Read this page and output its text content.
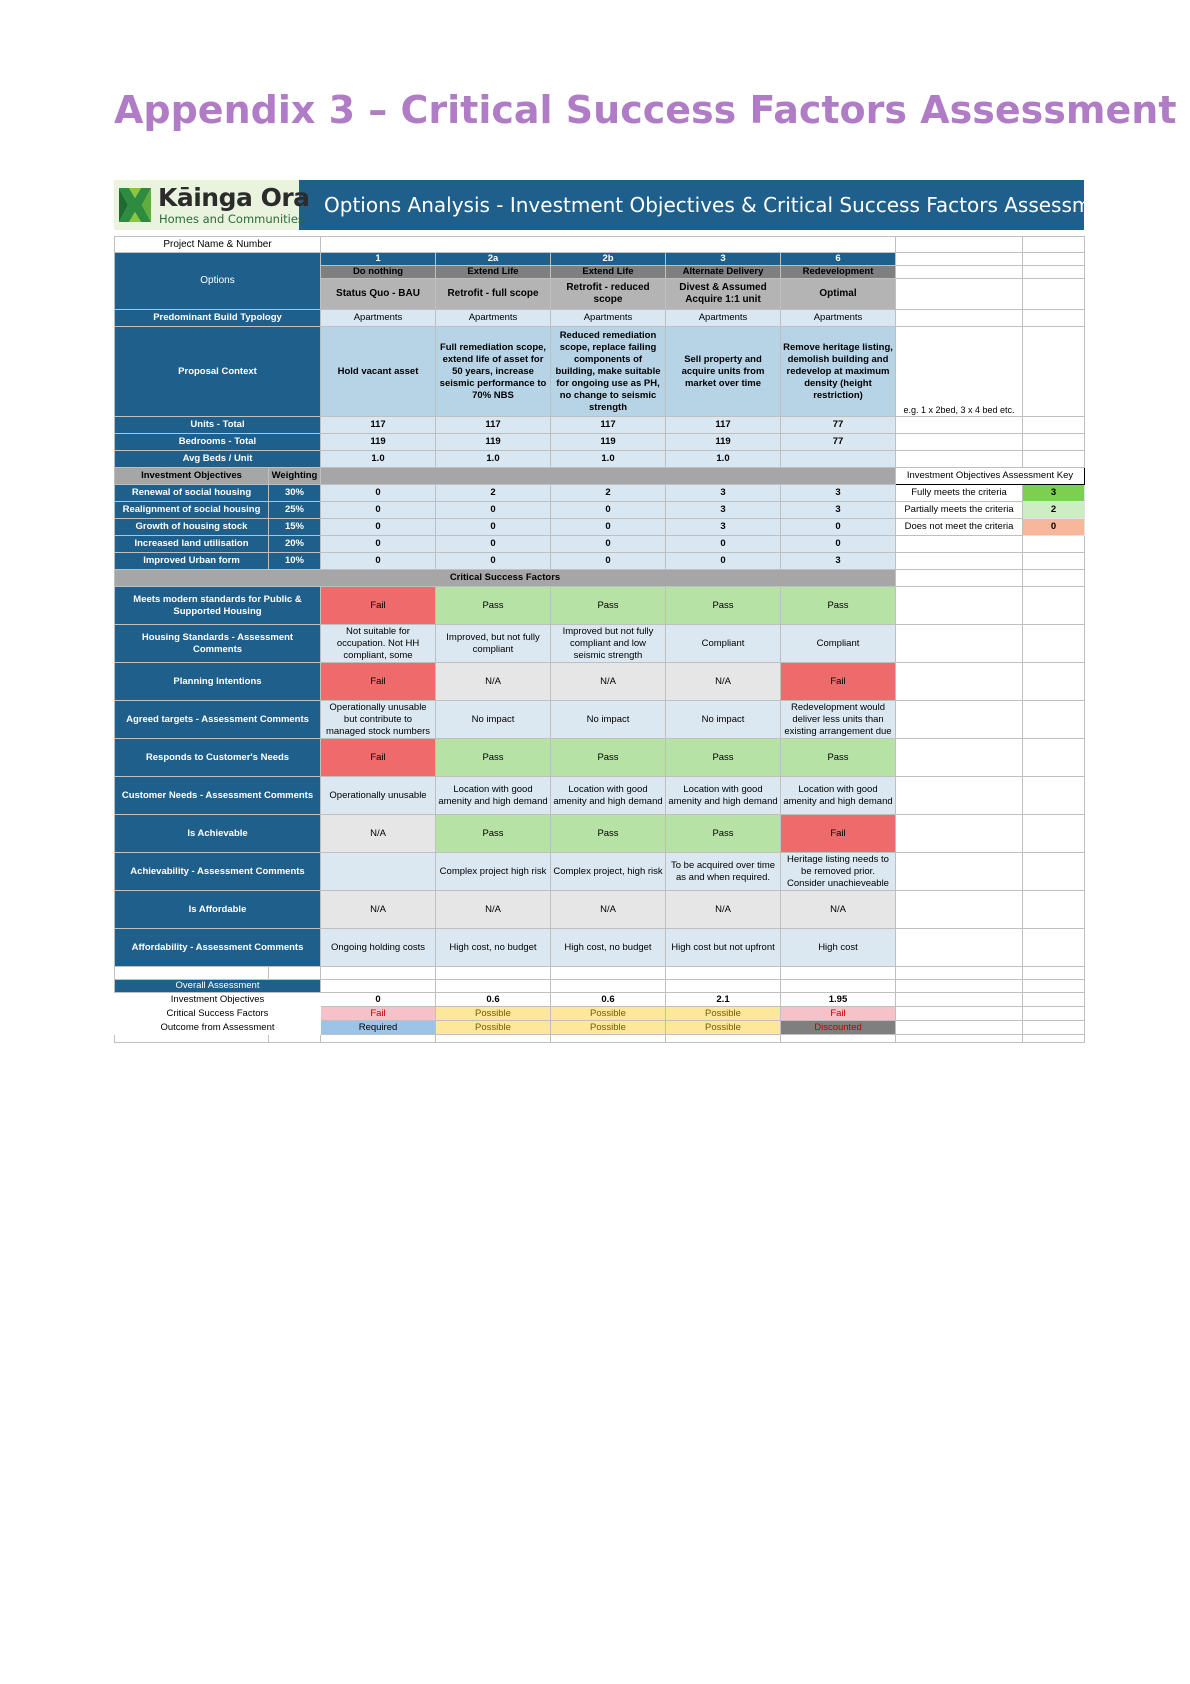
Appendix 3 – Critical Success Factors Assessment
Kāinga Ora
Homes and Communities
Options Analysis - Investment Objectives & Critical Success Factors Assessment
Project Name & Number								
Options		1	2a	2b	3	6		
		Do nothing	Extend Life	Extend Life	Alternate Delivery	Redevelopment		
		Status Quo - BAU	Retrofit - full scope	Retrofit - reduced scope	Divest & Assumed Acquire 1:1 unit	Optimal		
Predominant Build Typology		Apartments	Apartments	Apartments	Apartments	Apartments		
Proposal Context		Hold vacant asset	Full remediation scope, extend life of asset for 50 years, increase seismic performance to 70% NBS	Reduced remediation scope, replace failing components of building, make suitable for ongoing use as PH, no change to seismic strength	Sell property and acquire units from market over time	Remove heritage listing, demolish building and redevelop at maximum density (height restriction)	e.g. 1 x 2bed, 3 x 4 bed etc.	
Units - Total		117	117	117	117	77		
Bedrooms - Total		119	119	119	119	77		
Avg Beds / Unit		1.0	1.0	1.0	1.0			
Investment Objectives	Weighting						Investment Objectives Assessment Key	
Renewal of social housing	30%	0	2	2	3	3	Fully meets the criteria	3
Realignment of social housing	25%	0	0	0	3	3	Partially meets the criteria	2
Growth of housing stock	15%	0	0	0	3	0	Does not meet the criteria	0
Increased land utilisation	20%	0	0	0	0	0		
Improved Urban form	10%	0	0	0	0	3		
Critical Success Factors								
Meets modern standards for Public & Supported Housing		Fail	Pass	Pass	Pass	Pass		
Housing Standards - Assessment Comments		Not suitable for occupation. Not HH compliant, some	Improved, but not fully compliant	Improved but not fully compliant and low seismic strength	Compliant	Compliant		
Planning Intentions		Fail	N/A	N/A	N/A	Fail		
Agreed targets - Assessment Comments		Operationally unusable but contribute to managed stock numbers	No impact	No impact	No impact	Redevelopment would deliver less units than existing arrangement due		
Responds to Customer's Needs		Fail	Pass	Pass	Pass	Pass		
Customer Needs - Assessment Comments		Operationally unusable	Location with good amenity and high demand	Location with good amenity and high demand	Location with good amenity and high demand	Location with good amenity and high demand		
Is Achievable		N/A	Pass	Pass	Pass	Fail		
Achievability - Assessment Comments			Complex project high risk	Complex project, high risk	To be acquired over time as and when required.	Heritage listing needs to be removed prior. Consider unachieveable		
Is Affordable		N/A	N/A	N/A	N/A	N/A		
Affordability - Assessment Comments		Ongoing holding costs	High cost, no budget	High cost, no budget	High cost but not upfront	High cost		

Overall Assessment								
Investment Objectives		0	0.6	0.6	2.1	1.95		
Critical Success Factors		Fail	Possible	Possible	Possible	Fail		
Outcome from Assessment		Required	Possible	Possible	Possible	Discounted		
